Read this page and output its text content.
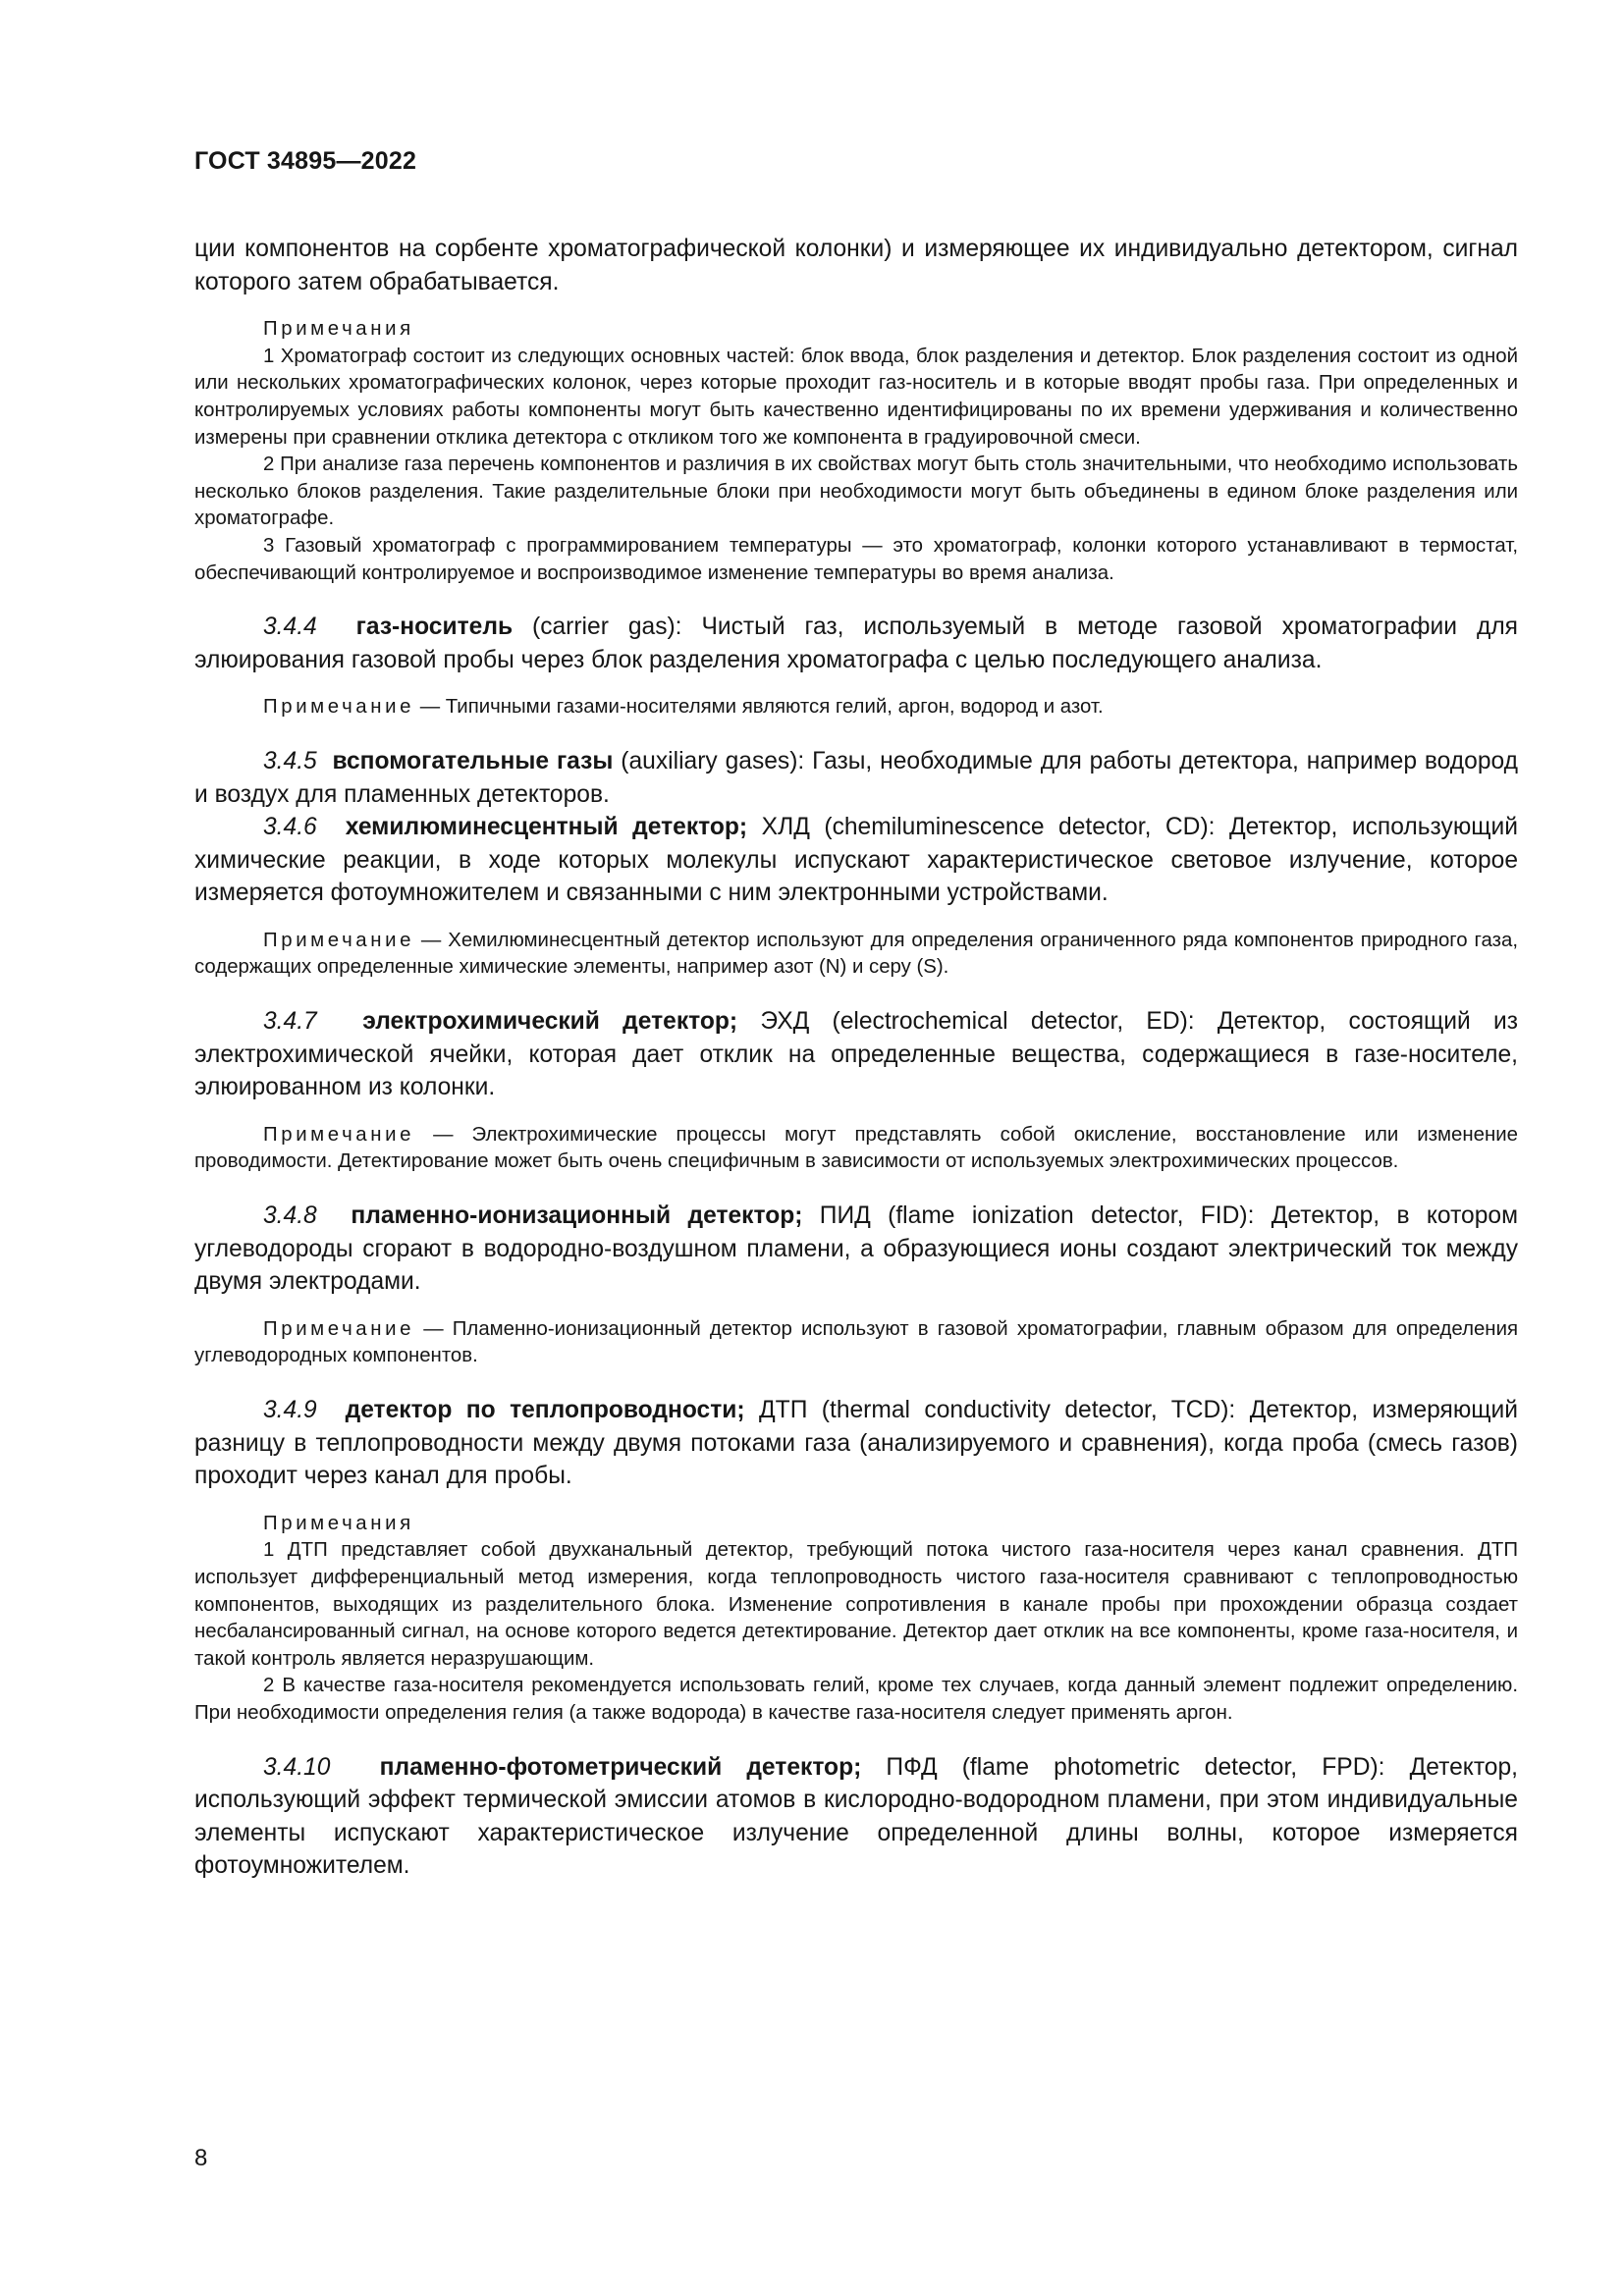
ГОСТ 34895—2022

ции компонентов на сорбенте хроматографической колонки) и измеряющее их индивидуально детектором, сигнал которого затем обрабатывается.

Примечания

1 Хроматограф состоит из следующих основных частей: блок ввода, блок разделения и детектор. Блок разделения состоит из одной или нескольких хроматографических колонок, через которые проходит газ-носитель и в которые вводят пробы газа. При определенных и контролируемых условиях работы компоненты могут быть качественно идентифицированы по их времени удерживания и количественно измерены при сравнении отклика детектора с откликом того же компонента в градуировочной смеси.

2 При анализе газа перечень компонентов и различия в их свойствах могут быть столь значительными, что необходимо использовать несколько блоков разделения. Такие разделительные блоки при необходимости могут быть объединены в едином блоке разделения или хроматографе.

3 Газовый хроматограф с программированием температуры — это хроматограф, колонки которого устанавливают в термостат, обеспечивающий контролируемое и воспроизводимое изменение температуры во время анализа.

3.4.4 газ-носитель (carrier gas): Чистый газ, используемый в методе газовой хроматографии для элюирования газовой пробы через блок разделения хроматографа с целью последующего анализа.

Примечание — Типичными газами-носителями являются гелий, аргон, водород и азот.

3.4.5 вспомогательные газы (auxiliary gases): Газы, необходимые для работы детектора, например водород и воздух для пламенных детекторов.

3.4.6 хемилюминесцентный детектор; ХЛД (chemiluminescence detector, CD): Детектор, использующий химические реакции, в ходе которых молекулы испускают характеристическое световое излучение, которое измеряется фотоумножителем и связанными с ним электронными устройствами.

Примечание — Хемилюминесцентный детектор используют для определения ограниченного ряда компонентов природного газа, содержащих определенные химические элементы, например азот (N) и серу (S).

3.4.7 электрохимический детектор; ЭХД (electrochemical detector, ED): Детектор, состоящий из электрохимической ячейки, которая дает отклик на определенные вещества, содержащиеся в газе-носителе, элюированном из колонки.

Примечание — Электрохимические процессы могут представлять собой окисление, восстановление или изменение проводимости. Детектирование может быть очень специфичным в зависимости от используемых электрохимических процессов.

3.4.8 пламенно-ионизационный детектор; ПИД (flame ionization detector, FID): Детектор, в котором углеводороды сгорают в водородно-воздушном пламени, а образующиеся ионы создают электрический ток между двумя электродами.

Примечание — Пламенно-ионизационный детектор используют в газовой хроматографии, главным образом для определения углеводородных компонентов.

3.4.9 детектор по теплопроводности; ДТП (thermal conductivity detector, TCD): Детектор, измеряющий разницу в теплопроводности между двумя потоками газа (анализируемого и сравнения), когда проба (смесь газов) проходит через канал для пробы.

Примечания

1 ДТП представляет собой двухканальный детектор, требующий потока чистого газа-носителя через канал сравнения. ДТП использует дифференциальный метод измерения, когда теплопроводность чистого газа-носителя сравнивают с теплопроводностью компонентов, выходящих из разделительного блока. Изменение сопротивления в канале пробы при прохождении образца создает несбалансированный сигнал, на основе которого ведется детектирование. Детектор дает отклик на все компоненты, кроме газа-носителя, и такой контроль является неразрушающим.

2 В качестве газа-носителя рекомендуется использовать гелий, кроме тех случаев, когда данный элемент подлежит определению. При необходимости определения гелия (а также водорода) в качестве газа-носителя следует применять аргон.

3.4.10 пламенно-фотометрический детектор; ПФД (flame photometric detector, FPD): Детектор, использующий эффект термической эмиссии атомов в кислородно-водородном пламени, при этом индивидуальные элементы испускают характеристическое излучение определенной длины волны, которое измеряется фотоумножителем.

8
